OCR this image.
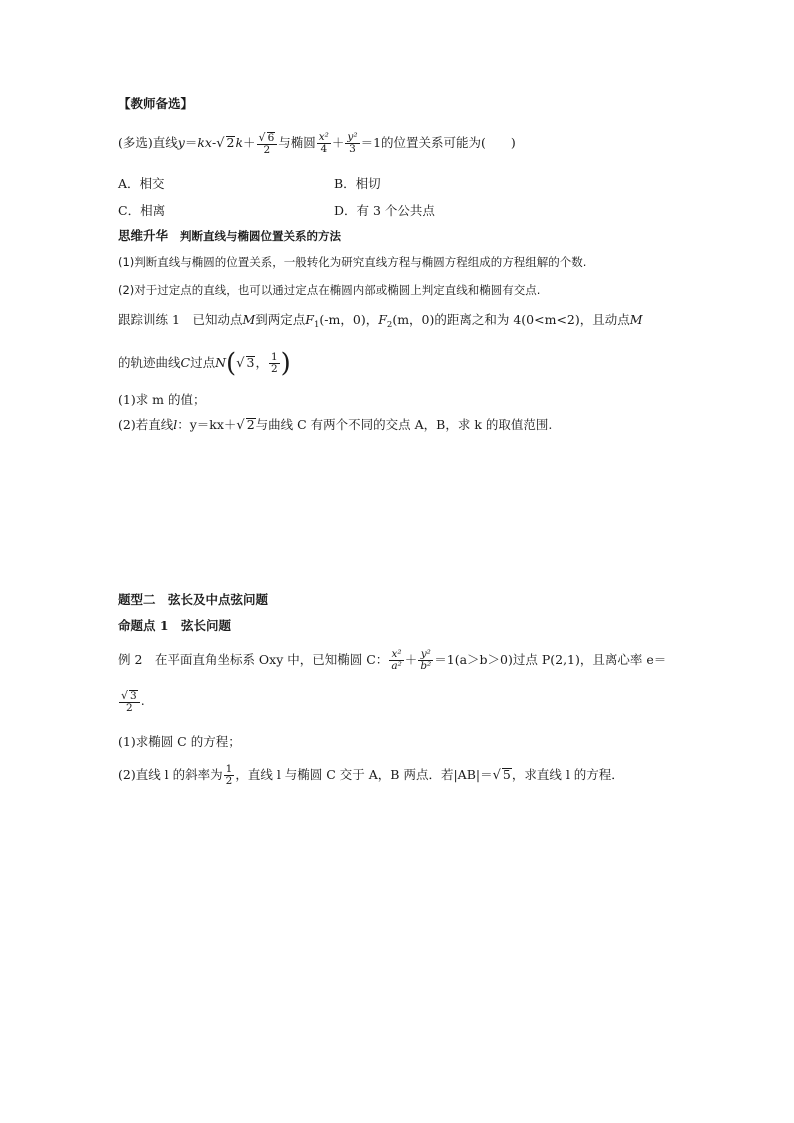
【教师备选】
(多选)直线y＝kx-√ $2k+ \frac{√ 6}{2}$ 与椭圆 $\frac{\text{x²}}{4} + \frac{\text{y²}}{3} =1$的位置关系可能为(　　)
A．相交	B．相切
C．相离	D．有 3 个公共点
思维升华 判断直线与椭圆位置关系的方法
(1)判断直线与椭圆的位置关系，一般转化为研究直线方程与椭圆方程组成的方程组解的个数.
(2)对于过定点的直线，也可以通过定点在椭圆内部或椭圆上判定直线和椭圆有交点.
跟踪训练 1　 已知动点M到两定点$F_1(-m$，0)，$F_2(m$，0)的距离之和为 4(0<m<2)，且动点M
的轨迹曲线C过点N(√ 3， $\frac{1}{2}$ )
(1)求 m 的值；
(2)若直线l：y＝kx＋√ 2与曲线 C 有两个不同的交点 A，B，求 k 的取值范围.
题型二　弦长及中点弦问题
命题点 1　弦长问题
例 2　 在平面直角坐标系 Oxy 中，已知椭圆 C： $\frac{\text{x²}}{\text{a²}} + \frac{\text{y²}}{\text{b²}} =1(a>b>0)$过点 P(2,1)，且离心率 e＝
$\frac{√ 3}{2}$ .
(1)求椭圆 C 的方程；
(2)直线 l 的斜率为 $\frac{1}{2}$ ，直线 l 与椭圆 C 交于 A，B 两点．若|AB|＝√ 5，求直线 l 的方程．
